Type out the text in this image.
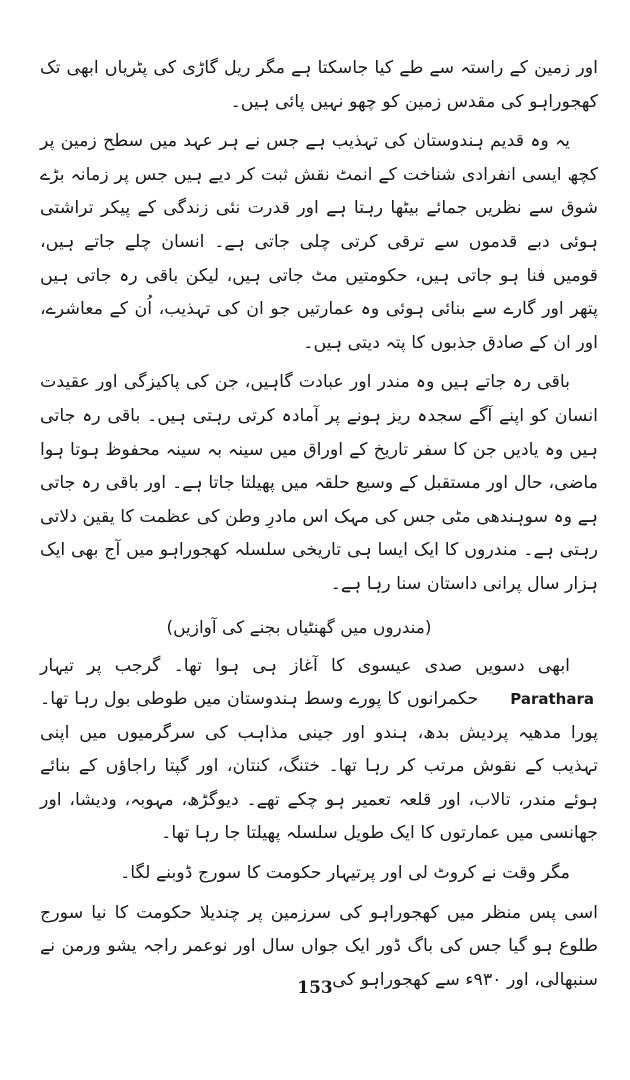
اور زمین کے راستہ سے طے کیا جاسکتا ہے مگر ریل گاڑی کی پٹریاں ابھی تک کھجوراہو کی مقدس زمین کو چھو نہیں پائی ہیں۔

یہ وہ قدیم ہندوستان کی تہذیب ہے جس نے ہر عہد میں سطح زمین پر کچھ ایسی انفرادی شناخت کے انمٹ نقش ثبت کر دیے ہیں جس پر زمانہ بڑے شوق سے نظریں جمائے بیٹھا رہتا ہے اور قدرت نئی زندگی کے پیکر تراشتی ہوئی دبے قدموں سے ترقی کرتی چلی جاتی ہے۔ انسان چلے جاتے ہیں، قومیں فنا ہو جاتی ہیں، حکومتیں مٹ جاتی ہیں، لیکن باقی رہ جاتی ہیں پتھر اور گارے سے بنائی ہوئی وہ عمارتیں جو ان کی تہذیب، اُن کے معاشرے، اور ان کے صادق جذبوں کا پتہ دیتی ہیں۔

باقی رہ جاتے ہیں وہ مندر اور عبادت گاہیں، جن کی پاکیزگی اور عقیدت انسان کو اپنے آگے سجدہ ریز ہونے پر آمادہ کرتی رہتی ہیں۔ باقی رہ جاتی ہیں وہ یادیں جن کا سفر تاریخ کے اوراق میں سینہ بہ سینہ محفوظ ہوتا ہوا ماضی، حال اور مستقبل کے وسیع حلقہ میں پھیلتا جاتا ہے۔ اور باقی رہ جاتی ہے وہ سوہندھی مٹی جس کی مہک اس مادرِ وطن کی عظمت کا یقین دلاتی رہتی ہے۔ مندروں کا ایک ایسا ہی تاریخی سلسلہ کھجوراہو میں آج بھی ایک ہزار سال پرانی داستان سنا رہا ہے۔

(مندروں میں گھنٹیاں بجنے کی آوازیں)

ابھی دسویں صدی عیسوی کا آغاز ہی ہوا تھا۔ گرجب پر تیہارParatharaحکمرانوں کا پورے وسط ہندوستان میں طوطی بول رہا تھا۔ پورا مدھیہ پردیش بدھ، ہندو اور جینی مذاہب کی سرگرمیوں میں اپنی تہذیب کے نقوش مرتب کر رہا تھا۔ ختنگ، کنتان، اور گپتا راجاؤں کے بنائے ہوئے مندر، تالاب، اور قلعہ تعمیر ہو چکے تھے۔ دیوگڑھ، مہوبہ، ودیشا، اور جھانسی میں عمارتوں کا ایک طویل سلسلہ پھیلتا جا رہا تھا۔

مگر وقت نے کروٹ لی اور پرتیہار حکومت کا سورج ڈوبنے لگا۔

اسی پس منظر میں کھجوراہو کی سرزمین پر چندیلا حکومت کا نیا سورج طلوع ہو گیا جس کی باگ ڈور ایک جواں سال اور نوعمر راجہ یشو ورمن نے سنبھالی، اور ۹۳۰ء سے کھجوراہو کی

153
